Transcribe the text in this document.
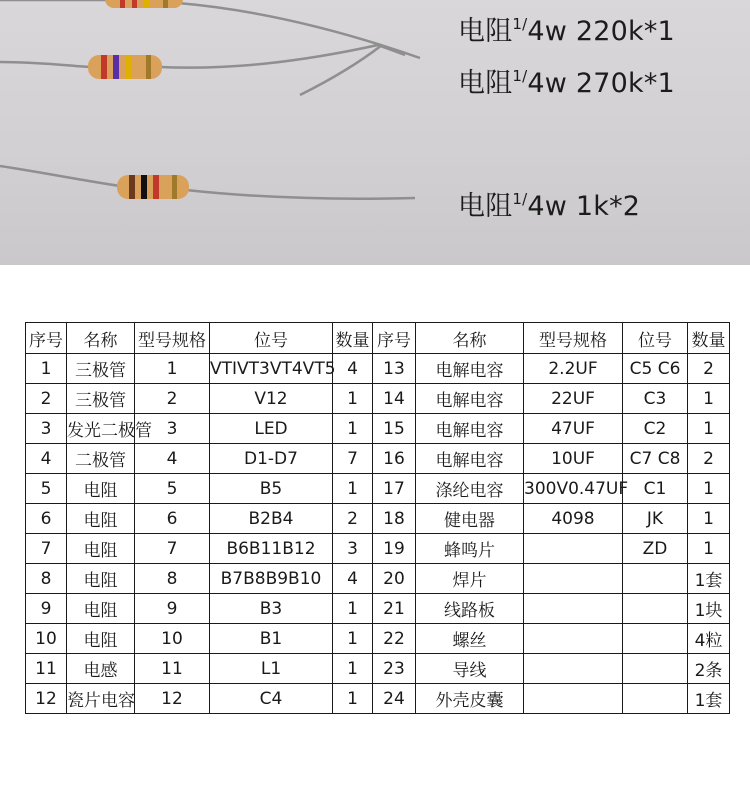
电阻$^{1/}$4w 220k*1
电阻$^{1/}$4w 270k*1
电阻$^{1/}$4w 1k*2
序号	名称	型号规格	位号	数量	序号	名称	型号规格	位号	数量
1	三极管	1	VTIVT3VT4VT5	4	13	电解电容	2.2UF	C5 C6	2
2	三极管	2	V12	1	14	电解电容	22UF	C3	1
3	发光二极管	3	LED	1	15	电解电容	47UF	C2	1
4	二极管	4	D1-D7	7	16	电解电容	10UF	C7 C8	2
5	电阻	5	B5	1	17	涤纶电容	300V0.47UF	C1	1
6	电阻	6	B2B4	2	18	健电器	4098	JK	1
7	电阻	7	B6B11B12	3	19	蜂鸣片		ZD	1
8	电阻	8	B7B8B9B10	4	20	焊片			1套
9	电阻	9	B3	1	21	线路板			1块
10	电阻	10	B1	1	22	螺丝			4粒
11	电感	11	L1	1	23	导线			2条
12	瓷片电容	12	C4	1	24	外壳皮囊			1套
